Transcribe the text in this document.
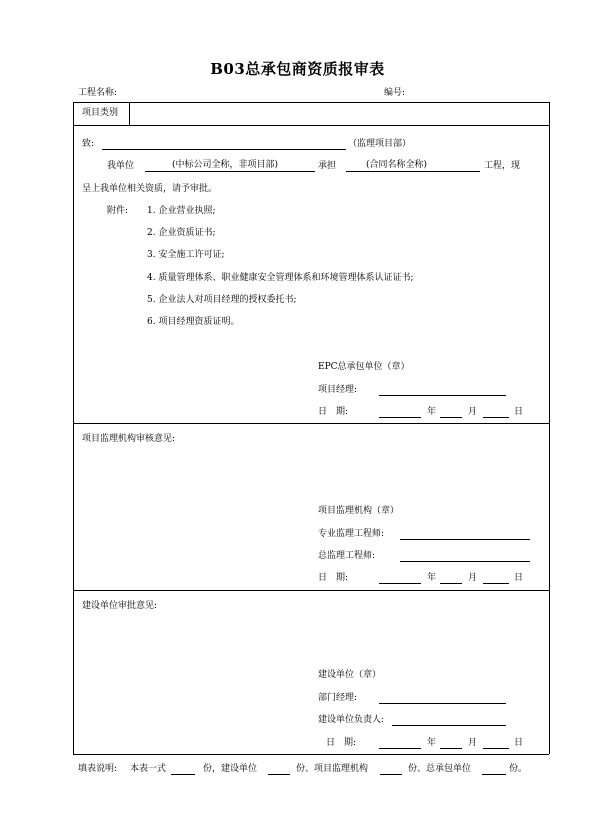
B03总承包商资质报审表
工程名称:	编号:
项目类别
致:	（监理项目部）
我单位	(中标公司全称，非项目部)	承担	(合同名称全称)	工程，现
呈上我单位相关资质，请予审批。
附件: 1. 企业营业执照;
2. 企业资质证书;
3. 安全施工许可证;
4. 质量管理体系、职业健康安全管理体系和环境管理体系认证证书;
5. 企业法人对项目经理的授权委托书;
6. 项目经理资质证明。
EPC总承包单位（章）
项目经理:
日　期:	年	月	日
项目监理机构审核意见:
项目监理机构（章）
专业监理工程师:
总监理工程师:
日　期:	年	月	日
建设单位审批意见:
建设单位（章）
部门经理:
建设单位负责人:
日　期:	年	月	日
填表说明: 本表一式	份，建设单位	份、项目监理机构	份、总承包单位	份。
